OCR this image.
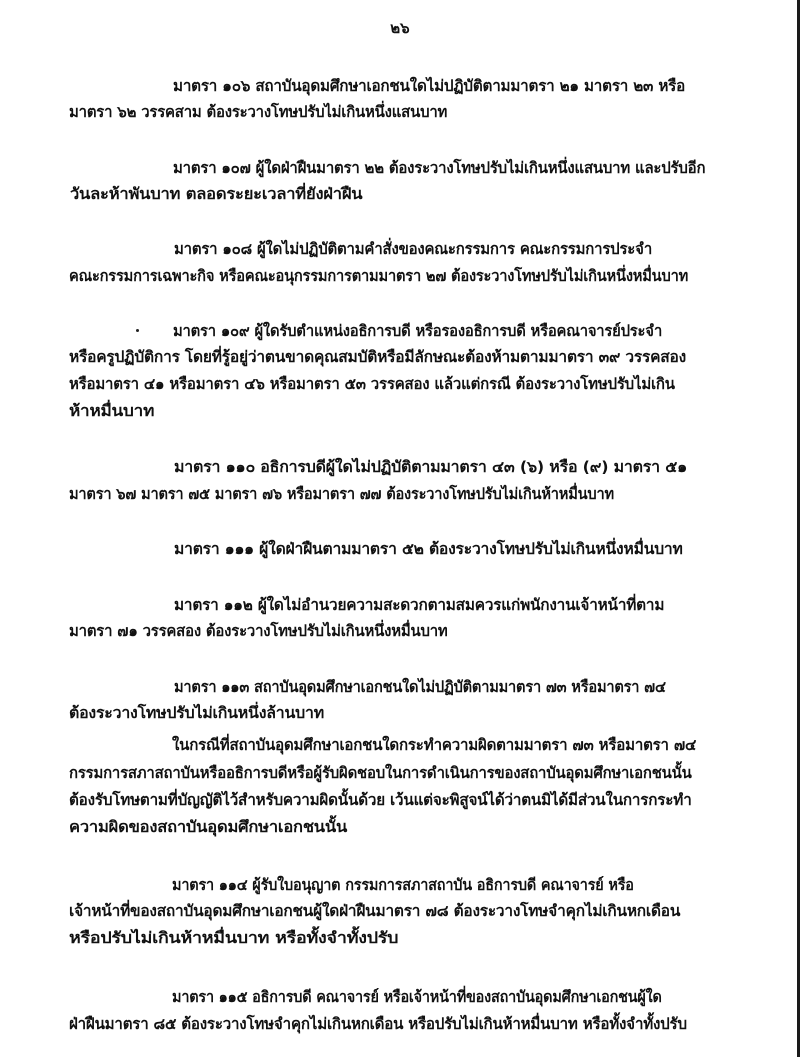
๒๖
มาตรา ๑๐๖ สถาบันอุดมศึกษาเอกชนใดไม่ปฏิบัติตามมาตรา ๒๑ มาตรา ๒๓ หรือ
มาตรา ๖๒ วรรคสาม ต้องระวางโทษปรับไม่เกินหนึ่งแสนบาท
มาตรา ๑๐๗ ผู้ใดฝ่าฝืนมาตรา ๒๒ ต้องระวางโทษปรับไม่เกินหนึ่งแสนบาท และปรับอีก
วันละห้าพันบาท ตลอดระยะเวลาที่ยังฝ่าฝืน
มาตรา ๑๐๘ ผู้ใดไม่ปฏิบัติตามคำสั่งของคณะกรรมการ คณะกรรมการประจำ
คณะกรรมการเฉพาะกิจ หรือคณะอนุกรรมการตามมาตรา ๒๗ ต้องระวางโทษปรับไม่เกินหนึ่งหมื่นบาท
มาตรา ๑๐๙ ผู้ใดรับตำแหน่งอธิการบดี หรือรองอธิการบดี หรือคณาจารย์ประจำ
หรือครูปฏิบัติการ โดยที่รู้อยู่ว่าตนขาดคุณสมบัติหรือมีลักษณะต้องห้ามตามมาตรา ๓๙ วรรคสอง
หรือมาตรา ๔๑ หรือมาตรา ๔๖ หรือมาตรา ๕๓ วรรคสอง แล้วแต่กรณี ต้องระวางโทษปรับไม่เกิน
ห้าหมื่นบาท
มาตรา ๑๑๐ อธิการบดีผู้ใดไม่ปฏิบัติตามมาตรา ๔๓ (๖) หรือ (๙) มาตรา ๕๑
มาตรา ๖๗ มาตรา ๗๕ มาตรา ๗๖ หรือมาตรา ๗๗ ต้องระวางโทษปรับไม่เกินห้าหมื่นบาท
มาตรา ๑๑๑ ผู้ใดฝ่าฝืนตามมาตรา ๕๒ ต้องระวางโทษปรับไม่เกินหนึ่งหมื่นบาท
มาตรา ๑๑๒ ผู้ใดไม่อำนวยความสะดวกตามสมควรแก่พนักงานเจ้าหน้าที่ตาม
มาตรา ๗๑ วรรคสอง ต้องระวางโทษปรับไม่เกินหนึ่งหมื่นบาท
มาตรา ๑๑๓ สถาบันอุดมศึกษาเอกชนใดไม่ปฏิบัติตามมาตรา ๗๓ หรือมาตรา ๗๔
ต้องระวางโทษปรับไม่เกินหนึ่งล้านบาท
ในกรณีที่สถาบันอุดมศึกษาเอกชนใดกระทำความผิดตามมาตรา ๗๓ หรือมาตรา ๗๔
กรรมการสภาสถาบันหรืออธิการบดีหรือผู้รับผิดชอบในการดำเนินการของสถาบันอุดมศึกษาเอกชนนั้น
ต้องรับโทษตามที่บัญญัติไว้สำหรับความผิดนั้นด้วย เว้นแต่จะพิสูจน์ได้ว่าตนมิได้มีส่วนในการกระทำ
ความผิดของสถาบันอุดมศึกษาเอกชนนั้น
มาตรา ๑๑๔ ผู้รับใบอนุญาต กรรมการสภาสถาบัน อธิการบดี คณาจารย์ หรือ
เจ้าหน้าที่ของสถาบันอุดมศึกษาเอกชนผู้ใดฝ่าฝืนมาตรา ๗๘ ต้องระวางโทษจำคุกไม่เกินหกเดือน
หรือปรับไม่เกินห้าหมื่นบาท หรือทั้งจำทั้งปรับ
มาตรา ๑๑๕ อธิการบดี คณาจารย์ หรือเจ้าหน้าที่ของสถาบันอุดมศึกษาเอกชนผู้ใด
ฝ่าฝืนมาตรา ๘๕ ต้องระวางโทษจำคุกไม่เกินหกเดือน หรือปรับไม่เกินห้าหมื่นบาท หรือทั้งจำทั้งปรับ
